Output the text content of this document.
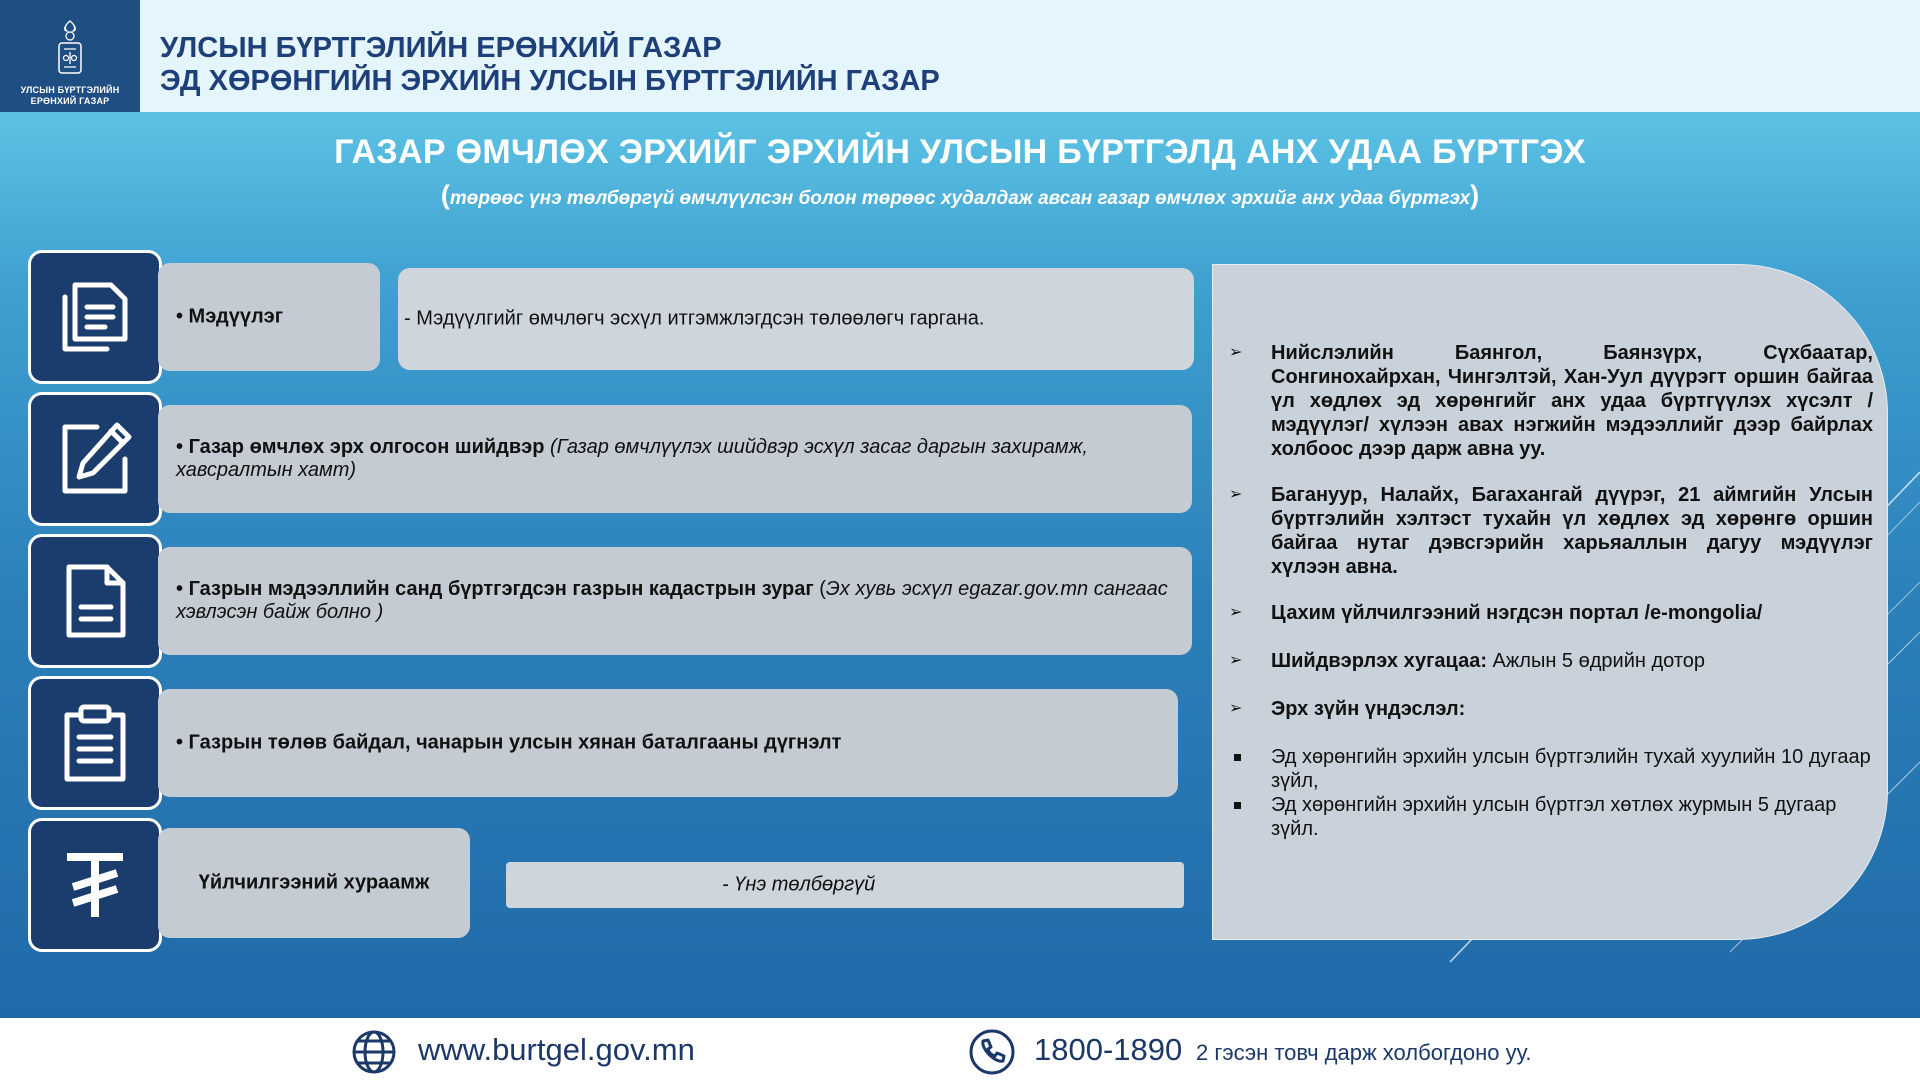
УЛСЫН БҮРТГЭЛИЙН
ЕРӨНХИЙ ГАЗАР
УЛСЫН БҮРТГЭЛИЙН ЕРӨНХИЙ ГАЗАР
ЭД ХӨРӨНГИЙН ЭРХИЙН УЛСЫН БҮРТГЭЛИЙН ГАЗАР
ГАЗАР ӨМЧЛӨХ ЭРХИЙГ ЭРХИЙН УЛСЫН БҮРТГЭЛД АНХ УДАА БҮРТГЭХ
(төрөөс үнэ төлбөргүй өмчлүүлсэн болон төрөөс худалдаж авсан газар өмчлөх эрхийг анх удаа бүртгэх)
• Мэдүүлэг	- Мэдүүлгийг өмчлөгч эсхүл итгэмжлэгдсэн төлөөлөгч гаргана.
• Газар өмчлөх эрх олгосон шийдвэр (Газар өмчлүүлэх шийдвэр эсхүл засаг даргын захирамж, хавсралтын хамт)
• Газрын мэдээллийн санд бүртгэгдсэн газрын кадастрын зураг (Эх хувь эсхүл egazar.gov.mn сангаас хэвлэсэн байж болно )
• Газрын төлөв байдал, чанарын улсын хянан баталгааны дүгнэлт
Үйлчилгээний хураамж	- Үнэ төлбөргүй
➢	Нийслэлийн Баянгол, Баянзүрх, Сүхбаатар, Сонгинохайрхан, Чингэлтэй, Хан-Уул дүүрэгт оршин байгаа үл хөдлөх эд хөрөнгийг анх удаа бүртгүүлэх хүсэлт /мэдүүлэг/ хүлээн авах нэгжийн мэдээллийг дээр байрлах холбоос дээр дарж авна уу.
➢	Багануур, Налайх, Багахангай дүүрэг, 21 аймгийн Улсын бүртгэлийн хэлтэст тухайн үл хөдлөх эд хөрөнгө оршин байгаа нутаг дэвсгэрийн харьяаллын дагуу мэдүүлэг хүлээн авна.
➢	Цахим үйлчилгээний нэгдсэн портал /e-mongolia/
➢	Шийдвэрлэх хугацаа: Ажлын 5 өдрийн дотор
➢	Эрх зүйн үндэслэл:
Эд хөрөнгийн эрхийн улсын бүртгэлийн тухай хуулийн 10 дугаар зүйл,
Эд хөрөнгийн эрхийн улсын бүртгэл хөтлөх журмын 5 дугаар зүйл.
www.burtgel.gov.mn	1800-1890 2 гэсэн товч дарж холбогдоно уу.
